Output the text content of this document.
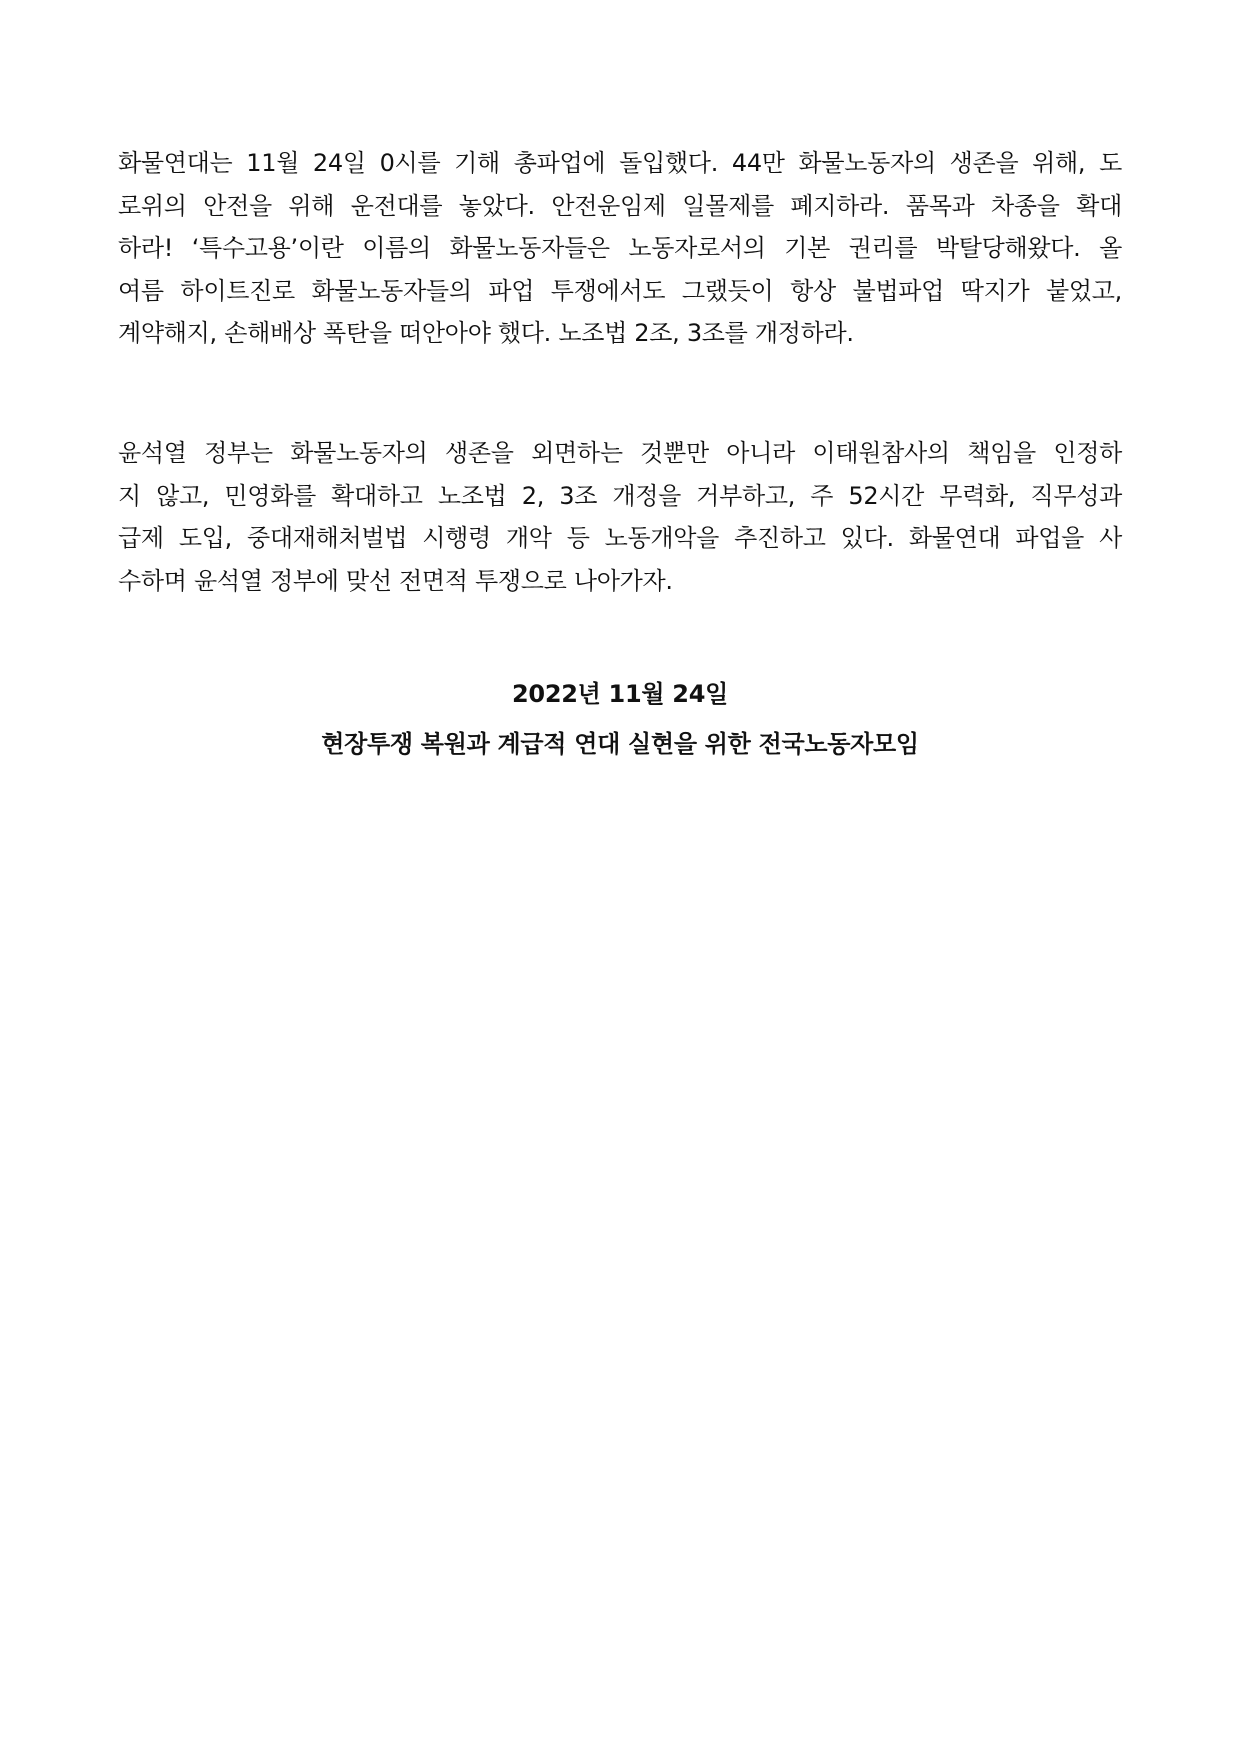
화물연대는 11월 24일 0시를 기해 총파업에 돌입했다. 44만 화물노동자의 생존을 위해, 도
로위의 안전을 위해 운전대를 놓았다. 안전운임제 일몰제를 폐지하라. 품목과 차종을 확대
하라! ‘특수고용’이란 이름의 화물노동자들은 노동자로서의 기본 권리를 박탈당해왔다. 올
여름 하이트진로 화물노동자들의 파업 투쟁에서도 그랬듯이 항상 불법파업 딱지가 붙었고,
계약해지, 손해배상 폭탄을 떠안아야 했다. 노조법 2조, 3조를 개정하라.
윤석열 정부는 화물노동자의 생존을 외면하는 것뿐만 아니라 이태원참사의 책임을 인정하
지 않고, 민영화를 확대하고 노조법 2, 3조 개정을 거부하고, 주 52시간 무력화, 직무성과
급제 도입, 중대재해처벌법 시행령 개악 등 노동개악을 추진하고 있다. 화물연대 파업을 사
수하며 윤석열 정부에 맞선 전면적 투쟁으로 나아가자.
2022년 11월 24일
현장투쟁 복원과 계급적 연대 실현을 위한 전국노동자모임
